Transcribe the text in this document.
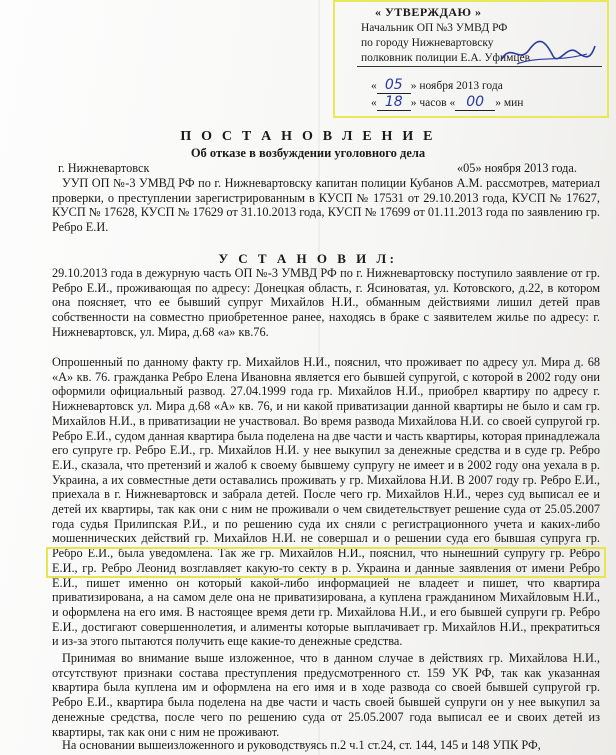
« УТВЕРЖДАЮ »
Начальник ОП №3 УМВД РФ
по городу Нижневартовску
полковник полиции Е.А. Уфимцев
« 05 » ноября 2013 года
« 18 » часов « 00 » мин
П О С Т А Н О В Л Е Н И Е
Об отказе в возбуждении уголовного дела
г. Нижневартовск	«05» ноября 2013 года.

УУП ОП №-3 УМВД РФ по г. Нижневартовску капитан полиции Кубанов А.М. рассмотрев, материал проверки, о преступлении зарегистрированным в КУСП № 17531 от 29.10.2013 года, КУСП № 17627, КУСП № 17628, КУСП № 17629 от 31.10.2013 года, КУСП № 17699 от 01.11.2013 года по заявлению гр. Ребро Е.И.

У С Т А Н О В И Л:

29.10.2013 года в дежурную часть ОП №-3 УМВД РФ по г. Нижневартовску поступило заявление от гр. Ребро Е.И., проживающая по адресу: Донецкая область, г. Ясиноватая, ул. Котовского, д.22, в котором она поясняет, что ее бывший супруг Михайлов Н.И., обманным действиями лишил детей прав собственности на совместно приобретенное ранее, находясь в браке с заявителем жилье по адресу: г. Нижневартовск, ул. Мира, д.68 «а» кв.76.

Опрошенный по данному факту гр. Михайлов Н.И., пояснил, что проживает по адресу ул. Мира д. 68 «А» кв. 76. гражданка Ребро Елена Ивановна является его бывшей супругой, с которой в 2002 году они оформили официальный развод. 27.04.1999 года гр. Михайлов Н.И., приобрел квартиру по адресу г. Нижневартовск ул. Мира д.68 «А» кв. 76, и ни какой приватизации данной квартиры не было и сам гр. Михайлов Н.И., в приватизации не участвовал. Во время развода Михайлова Н.И. со своей супругой гр. Ребро Е.И., судом данная квартира была поделена на две части и часть квартиры, которая принадлежала его супруге гр. Ребро Е.И., гр. Михайлов Н.И. у нее выкупил за денежные средства и в суде гр. Ребро Е.И., сказала, что претензий и жалоб к своему бывшему супругу не имеет и в 2002 году она уехала в р. Украина, а их совместные дети оставались проживать у гр. Михайлова Н.И. В 2007 году гр. Ребро Е.И., приехала в г. Нижневартовск и забрала детей. После чего гр. Михайлов Н.И., через суд выписал ее и детей их квартиры, так как они с ним не проживали о чем свидетельствует решение суда от 25.05.2007 года судья Прилипская Р.И., и по решению суда их сняли с регистрационного учета и каких-либо мошеннических действий гр. Михайлов Н.И. не совершал и о решении суда его бывшая супруга гр. Ребро Е.И., была уведомлена. Так же гр. Михайлов Н.И., пояснил, что нынешний супругу гр. Ребро Е.И., гр. Ребро Леонид возглавляет какую-то секту в р. Украина и данные заявления от имени Ребро Е.И., пишет именно он который какой-либо информацией не владеет и пишет, что квартира приватизирована, а на самом деле она не приватизирована, а куплена гражданином Михайловым Н.И., и оформлена на его имя. В настоящее время дети гр. Михайлова Н.И., и его бывшей супруги гр. Ребро Е.И., достигают совершеннолетия, и алименты которые выплачивает гр. Михайлов Н.И., прекратиться и из-за этого пытаются получить еще какие-то денежные средства.

Принимая во внимание выше изложенное, что в данном случае в действиях гр. Михайлова Н.И., отсутствуют признаки состава преступления предусмотренного ст. 159 УК РФ, так как указанная квартира была куплена им и оформлена на его имя и в ходе развода со своей бывшей супругой гр. Ребро Е.И., квартира была поделена на две части и часть своей бывшей супруги он у нее выкупил за денежные средства, после чего по решению суда от 25.05.2007 года выписал ее и своих детей из квартиры, так как они с ним не проживают.

На основании вышеизложенного и руководствуясь п.2 ч.1 ст.24, ст. 144, 145 и 148 УПК РФ,
